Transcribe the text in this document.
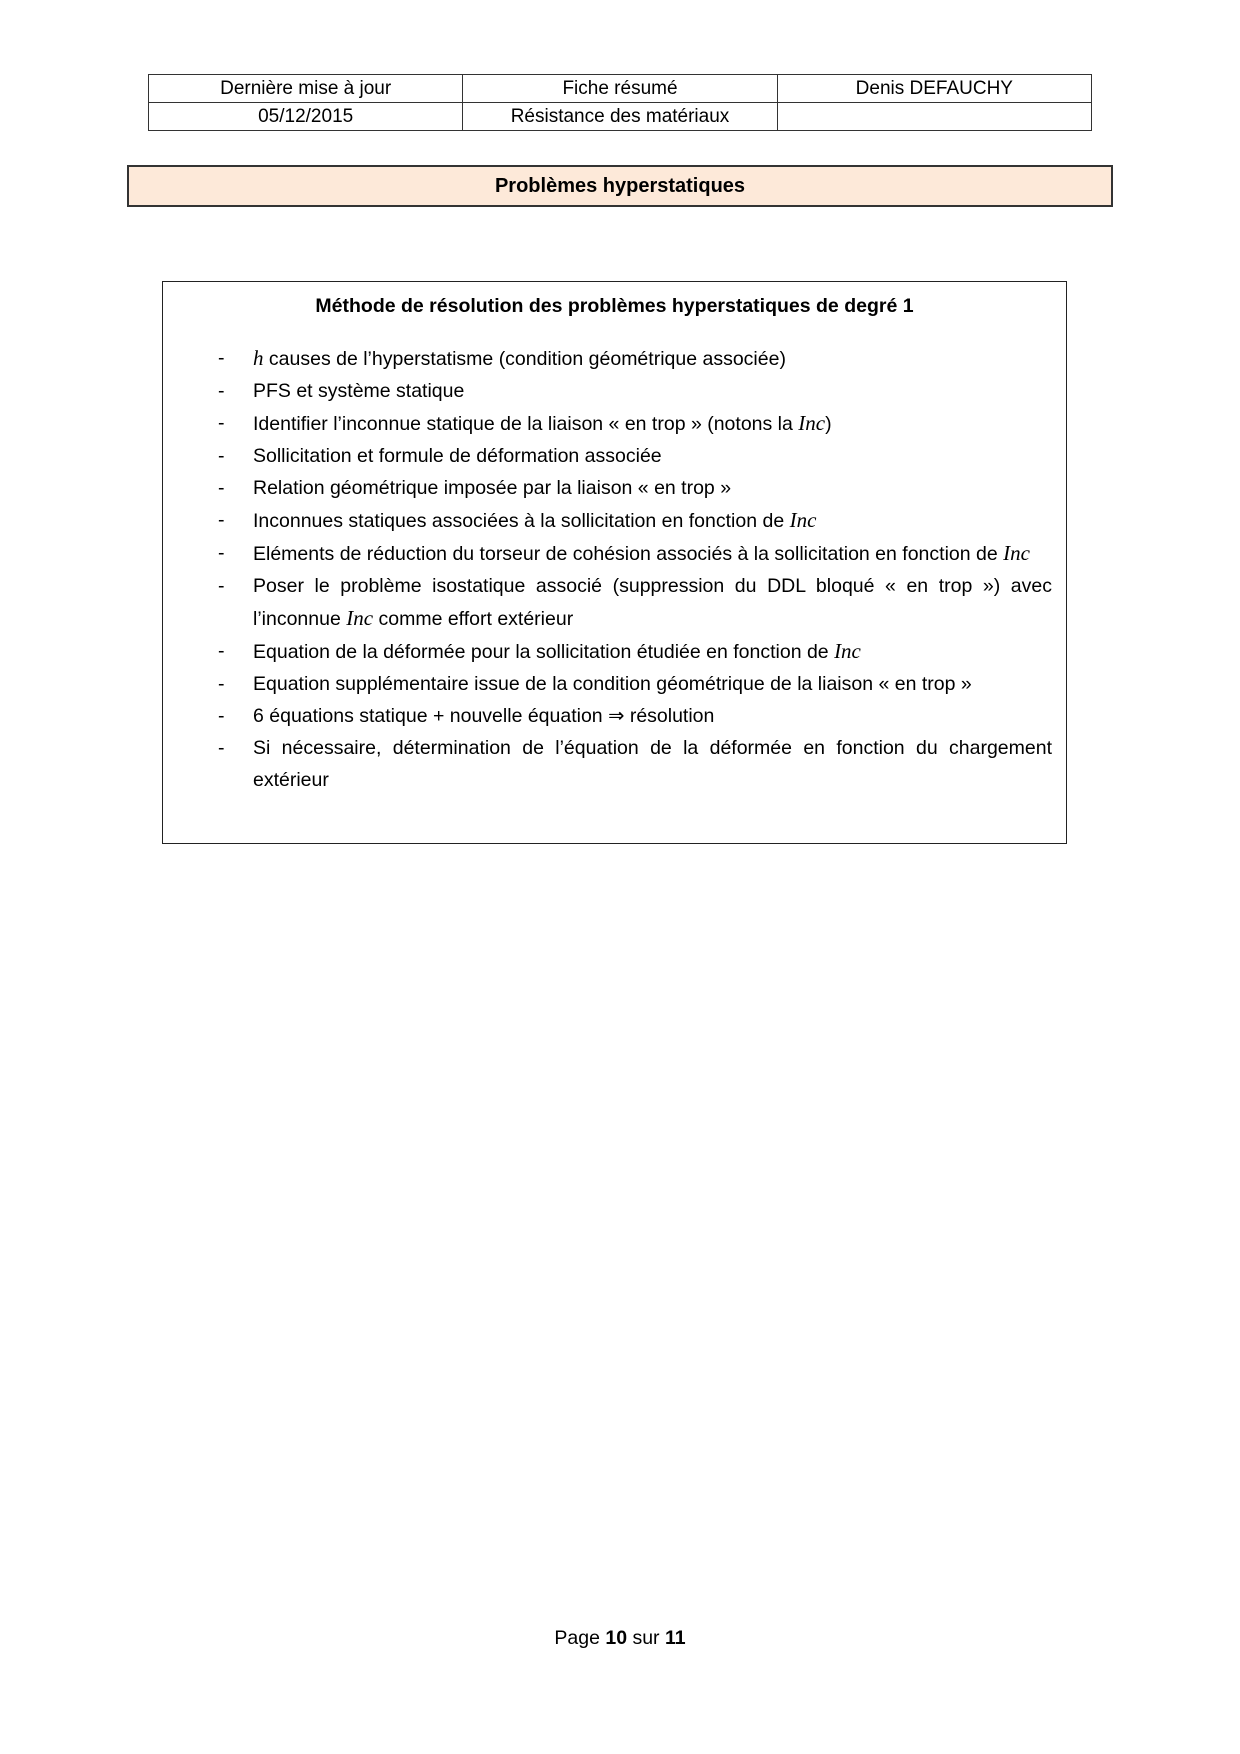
Dernière mise à jour	Fiche résumé	Denis DEFAUCHY
05/12/2015	Résistance des matériaux	
Problèmes hyperstatiques
Méthode de résolution des problèmes hyperstatiques de degré 1
- h causes de l’hyperstatisme (condition géométrique associée)
- PFS et système statique
- Identifier l’inconnue statique de la liaison « en trop » (notons la Inc)
- Sollicitation et formule de déformation associée
- Relation géométrique imposée par la liaison « en trop »
- Inconnues statiques associées à la sollicitation en fonction de Inc
- Eléments de réduction du torseur de cohésion associés à la sollicitation en fonction de Inc
- Poser le problème isostatique associé (suppression du DDL bloqué « en trop ») avec l’inconnue Inc comme effort extérieur
- Equation de la déformée pour la sollicitation étudiée en fonction de Inc
- Equation supplémentaire issue de la condition géométrique de la liaison « en trop »
- 6 équations statique + nouvelle équation ⇒ résolution
- Si nécessaire, détermination de l’équation de la déformée en fonction du chargement extérieur
Page 10 sur 11
